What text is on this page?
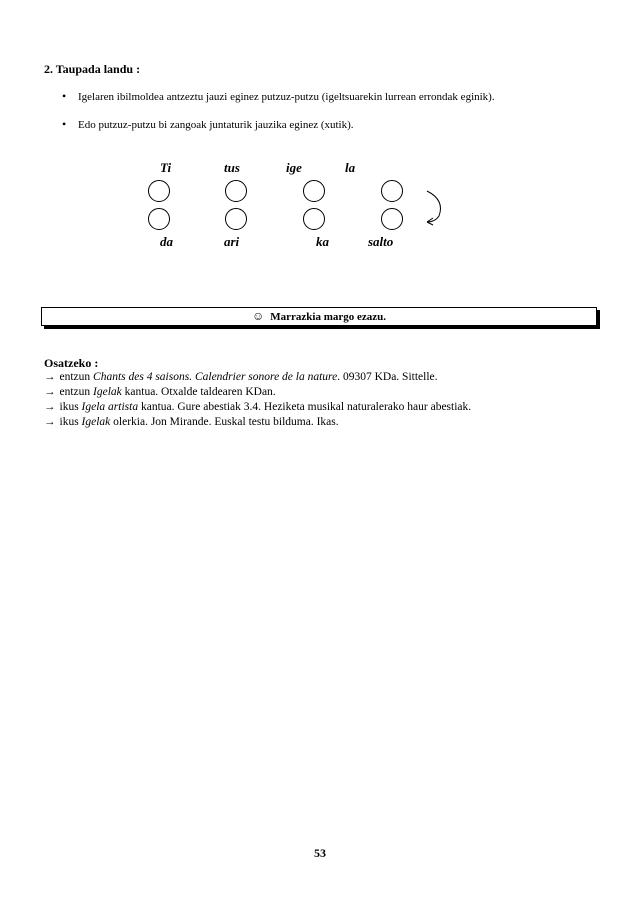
2. Taupada landu :
• Igelaren ibilmoldea antzeztu jauzi eginez putzuz-putzu (igeltsuarekin lurrean errondak eginik).
• Edo putzuz-putzu bi zangoak juntaturik jauzika eginez (xutik).
Ti	tus	ige	la
da	ari	ka	salto
☺ Marrazkia margo ezazu.
Osatzeko :
→ entzun Chants des 4 saisons. Calendrier sonore de la nature. 09307 KDa. Sittelle.
→ entzun Igelak kantua. Otxalde taldearen KDan.
→ ikus Igela artista kantua. Gure abestiak 3.4. Heziketa musikal naturalerako haur abestiak.
→ ikus Igelak olerkia. Jon Mirande. Euskal testu bilduma. Ikas.
53
